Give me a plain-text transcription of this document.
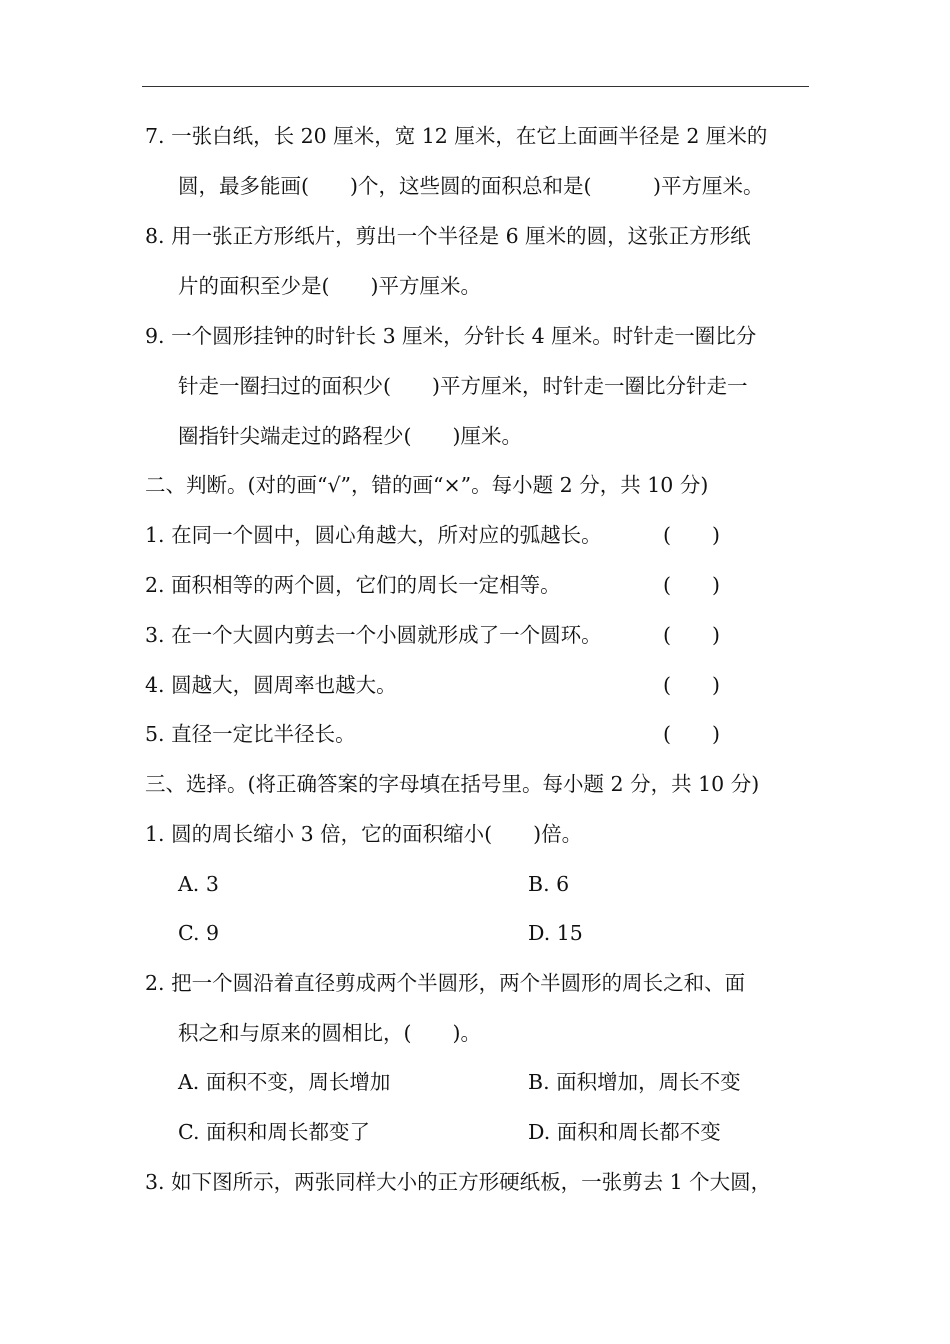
7. 一张白纸，长 20 厘米，宽 12 厘米，在它上面画半径是 2 厘米的
圆，最多能画(　　)个，这些圆的面积总和是(　　　)平方厘米。
8. 用一张正方形纸片，剪出一个半径是 6 厘米的圆，这张正方形纸
片的面积至少是(　　)平方厘米。
9. 一个圆形挂钟的时针长 3 厘米，分针长 4 厘米。时针走一圈比分
针走一圈扫过的面积少(　　)平方厘米，时针走一圈比分针走一
圈指针尖端走过的路程少(　　)厘米。
二、判断。(对的画“√”，错的画“×”。每小题 2 分，共 10 分)
1. 在同一个圆中，圆心角越大，所对应的弧越长。	(　　)
2. 面积相等的两个圆，它们的周长一定相等。	(　　)
3. 在一个大圆内剪去一个小圆就形成了一个圆环。	(　　)
4. 圆越大，圆周率也越大。	(　　)
5. 直径一定比半径长。	(　　)
三、选择。(将正确答案的字母填在括号里。每小题 2 分，共 10 分)
1. 圆的周长缩小 3 倍，它的面积缩小(　　)倍。
A. 3	B. 6
C. 9	D. 15
2. 把一个圆沿着直径剪成两个半圆形，两个半圆形的周长之和、面
积之和与原来的圆相比，(　　)。
A. 面积不变，周长增加	B. 面积增加，周长不变
C. 面积和周长都变了	D. 面积和周长都不变
3. 如下图所示，两张同样大小的正方形硬纸板，一张剪去 1 个大圆，
